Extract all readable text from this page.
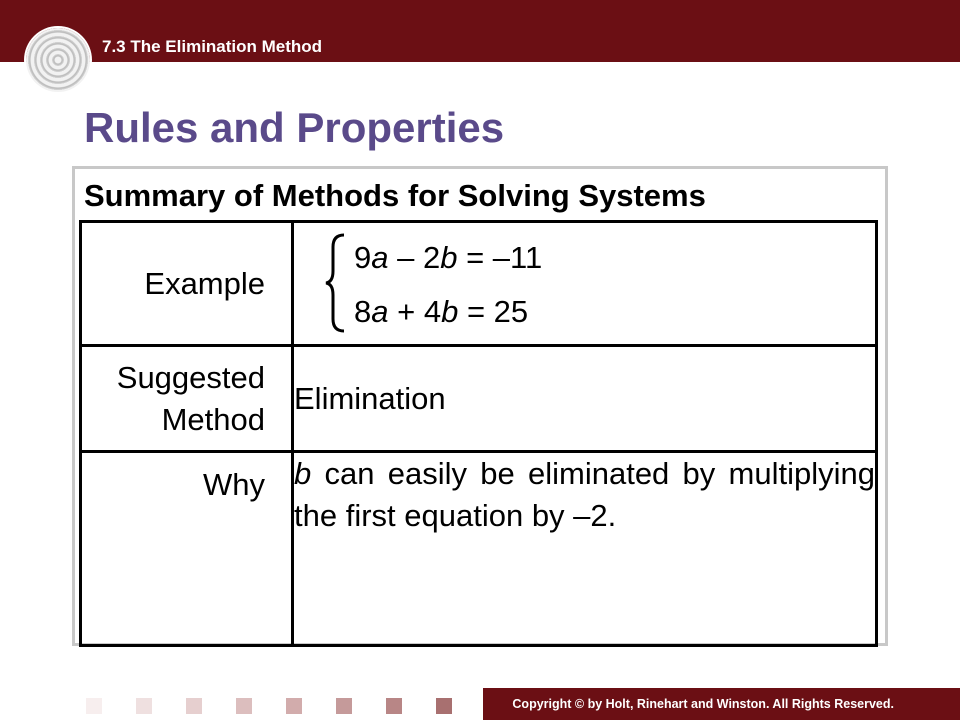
7.3 The Elimination Method
Rules and Properties
Summary of Methods for Solving Systems
Example	9a – 2b = –11
8a + 4b = 25

Suggested
Method	Elimination
Why	b can easily be eliminated by multiplying the first equation by –2.
Copyright © by Holt, Rinehart and Winston. All Rights Reserved.
